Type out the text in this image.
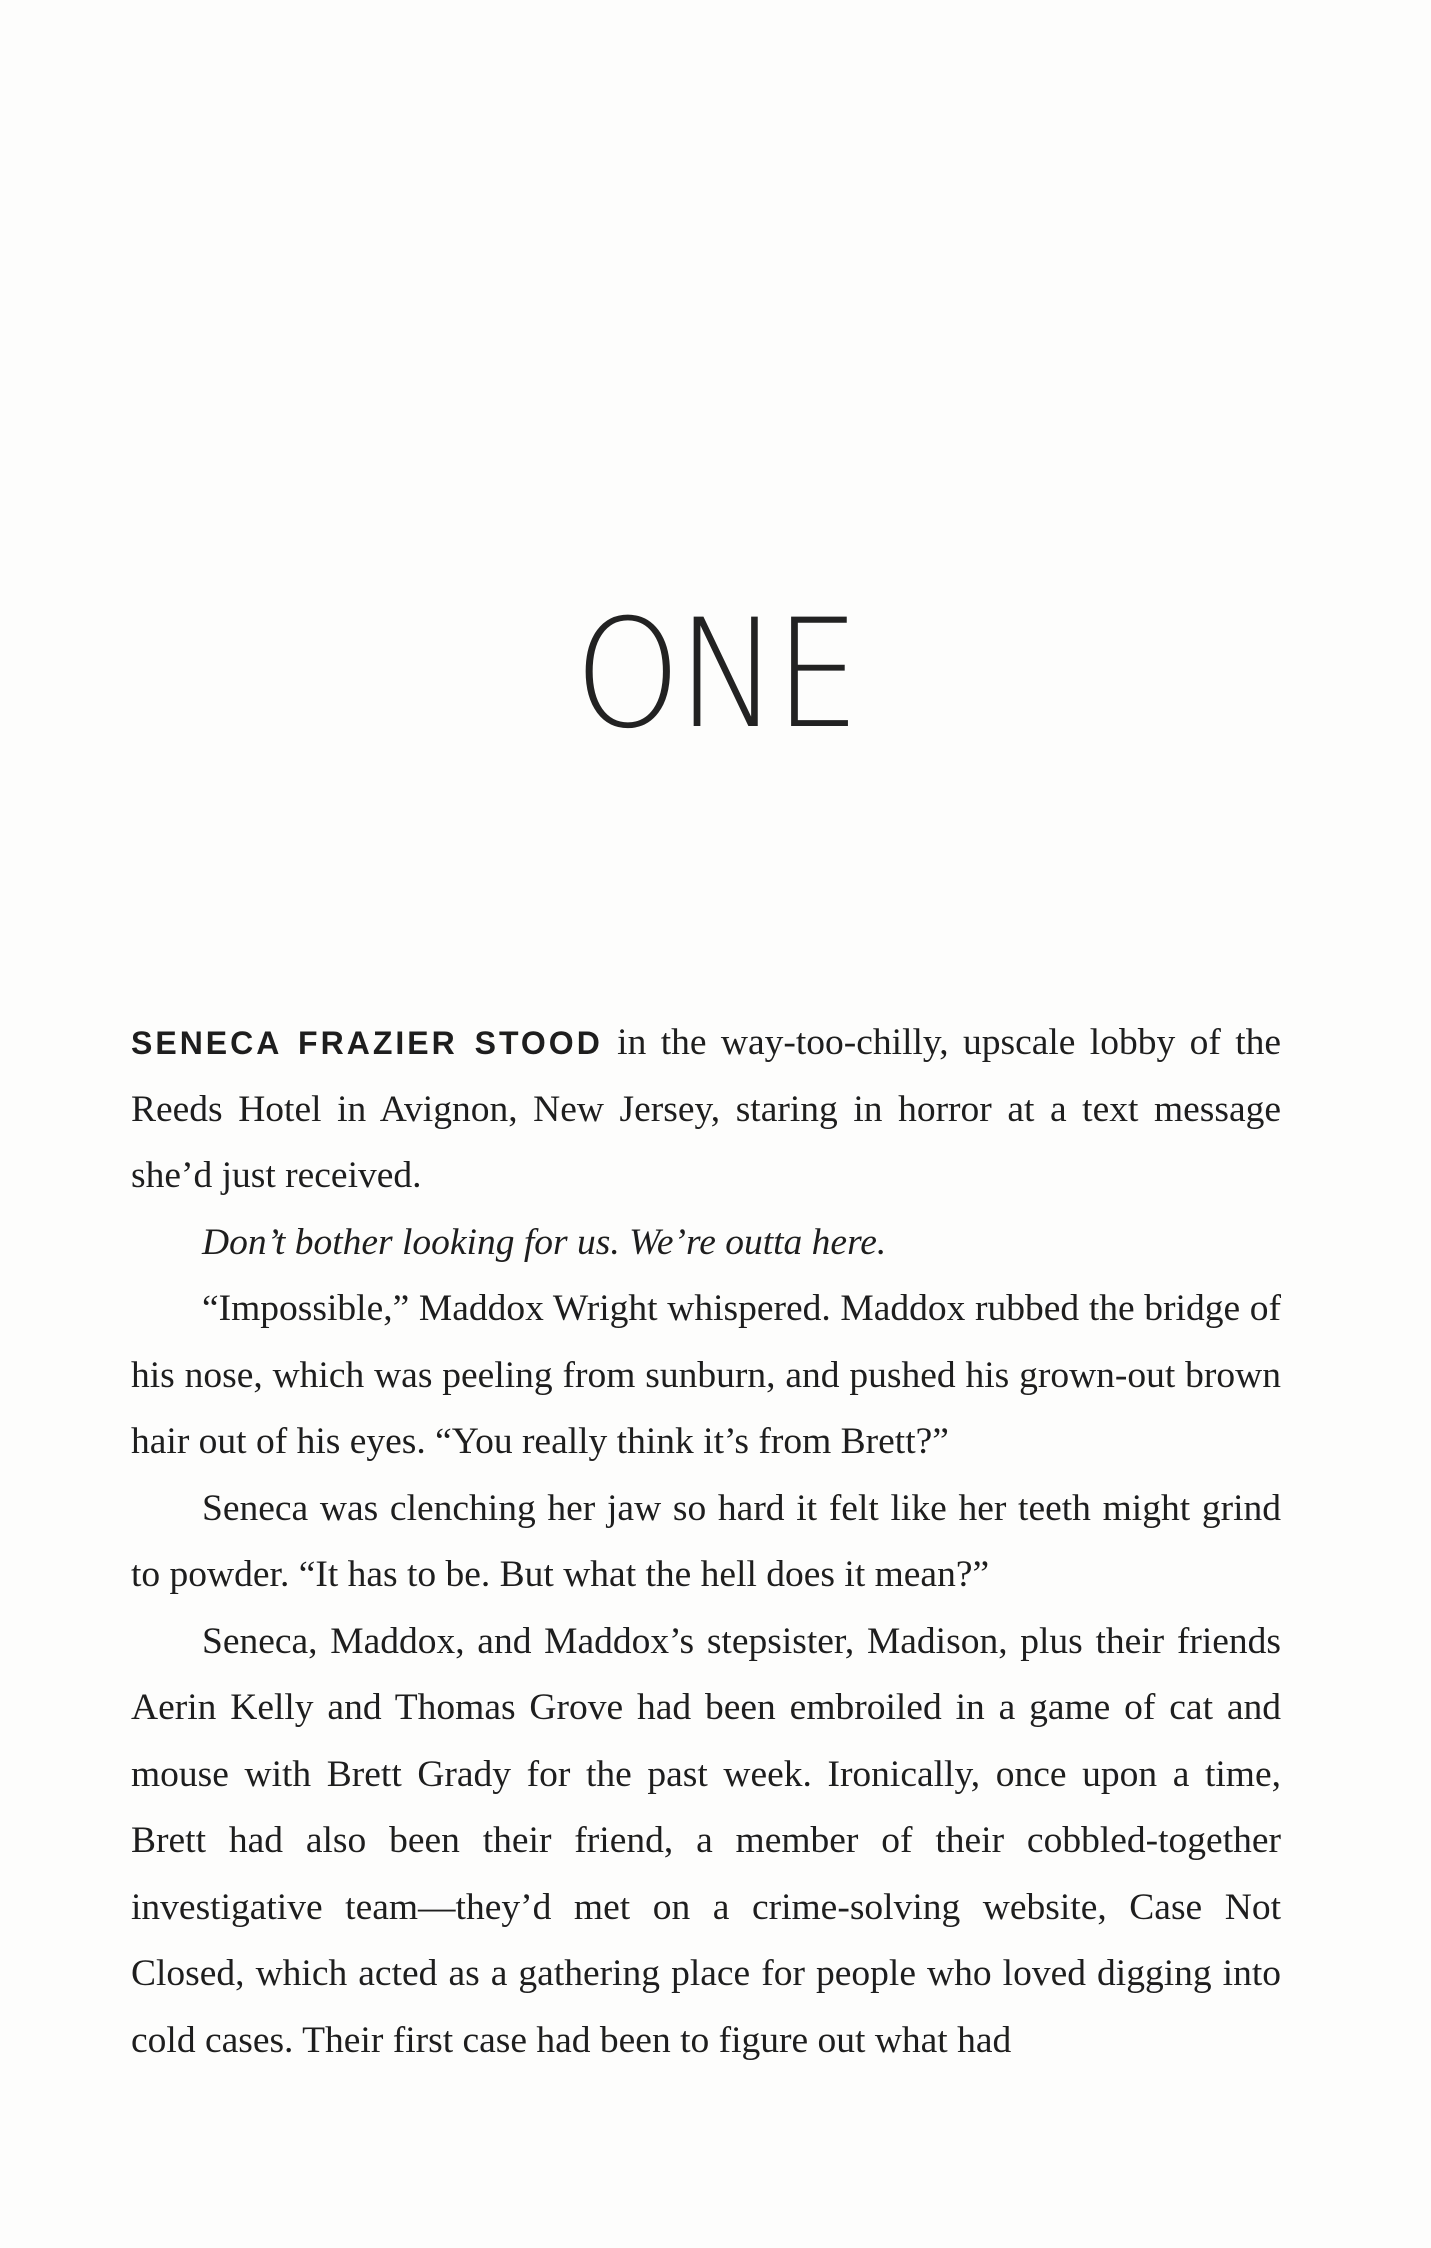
ONE

SENECA FRAZIER STOOD in the way-too-chilly, upscale lobby of the Reeds Hotel in Avignon, New Jersey, staring in horror at a text message she’d just received.

Don’t bother looking for us. We’re outta here.

“Impossible,” Maddox Wright whispered. Maddox rubbed the bridge of his nose, which was peeling from sunburn, and pushed his grown-out brown hair out of his eyes. “You really think it’s from Brett?”

Seneca was clenching her jaw so hard it felt like her teeth might grind to powder. “It has to be. But what the hell does it mean?”

Seneca, Maddox, and Maddox’s stepsister, Madison, plus their friends Aerin Kelly and Thomas Grove had been embroiled in a game of cat and mouse with Brett Grady for the past week. Ironically, once upon a time, Brett had also been their friend, a member of their cobbled-together investigative team—they’d met on a crime-solving website, Case Not Closed, which acted as a gathering place for people who loved digging into cold cases. Their first case had been to figure out what had
